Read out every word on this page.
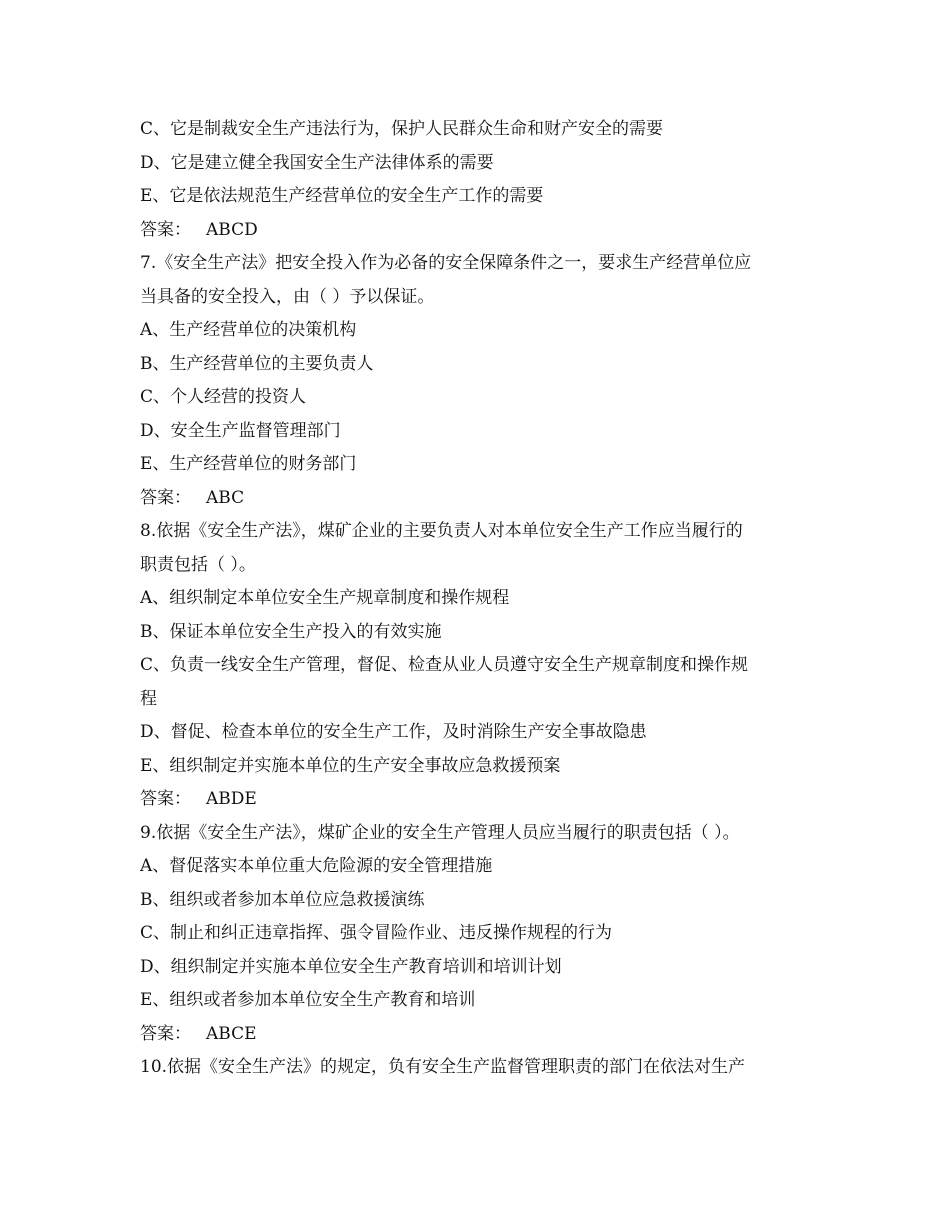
C、它是制裁安全生产违法行为，保护人民群众生命和财产安全的需要
D、它是建立健全我国安全生产法律体系的需要
E、它是依法规范生产经营单位的安全生产工作的需要
答案： ABCD
7.《安全生产法》把安全投入作为必备的安全保障条件之一，要求生产经营单位应
当具备的安全投入，由（ ）予以保证。
A、生产经营单位的决策机构
B、生产经营单位的主要负责人
C、个人经营的投资人
D、安全生产监督管理部门
E、生产经营单位的财务部门
答案： ABC
8.依据《安全生产法》，煤矿企业的主要负责人对本单位安全生产工作应当履行的
职责包括（ ）。
A、组织制定本单位安全生产规章制度和操作规程
B、保证本单位安全生产投入的有效实施
C、负责一线安全生产管理，督促、检查从业人员遵守安全生产规章制度和操作规
程
D、督促、检查本单位的安全生产工作，及时消除生产安全事故隐患
E、组织制定并实施本单位的生产安全事故应急救援预案
答案： ABDE
9.依据《安全生产法》，煤矿企业的安全生产管理人员应当履行的职责包括（ ）。
A、督促落实本单位重大危险源的安全管理措施
B、组织或者参加本单位应急救援演练
C、制止和纠正违章指挥、强令冒险作业、违反操作规程的行为
D、组织制定并实施本单位安全生产教育培训和培训计划
E、组织或者参加本单位安全生产教育和培训
答案： ABCE
10.依据《安全生产法》的规定，负有安全生产监督管理职责的部门在依法对生产
